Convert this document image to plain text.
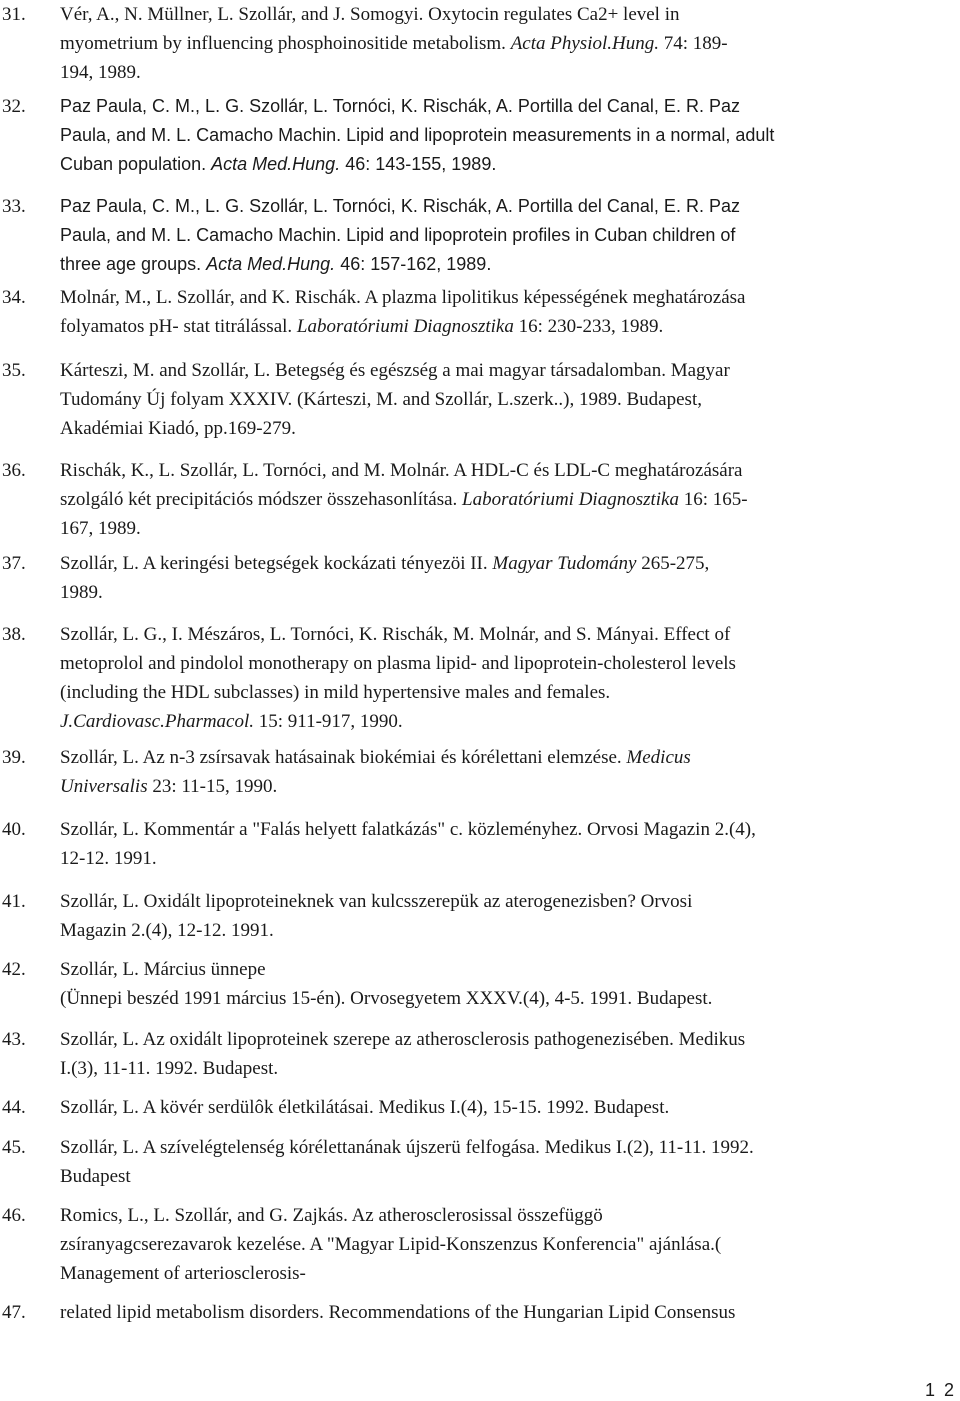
31.	Vér, A., N. Müllner, L. Szollár, and J. Somogyi. Oxytocin regulates Ca2+ level in
myometrium by influencing phosphoinositide metabolism. Acta Physiol.Hung. 74: 189-
194, 1989.
32.	Paz Paula, C. M., L. G. Szollár, L. Tornóci, K. Rischák, A. Portilla del Canal, E. R. Paz
Paula, and M. L. Camacho Machin. Lipid and lipoprotein measurements in a normal, adult
Cuban population. Acta Med.Hung. 46: 143-155, 1989.
33.	Paz Paula, C. M., L. G. Szollár, L. Tornóci, K. Rischák, A. Portilla del Canal, E. R. Paz
Paula, and M. L. Camacho Machin. Lipid and lipoprotein profiles in Cuban children of
three age groups. Acta Med.Hung. 46: 157-162, 1989.
34.	Molnár, M., L. Szollár, and K. Rischák. A plazma lipolitikus képességének meghatározása
folyamatos pH- stat titrálással. Laboratóriumi Diagnosztika 16: 230-233, 1989.
35.	Kárteszi, M. and Szollár, L. Betegség és egészség a mai magyar társadalomban. Magyar
Tudomány Új folyam XXXIV. (Kárteszi, M. and Szollár, L.szerk..), 1989. Budapest,
Akadémiai Kiadó, pp.169-279.
36.	Rischák, K., L. Szollár, L. Tornóci, and M. Molnár. A HDL-C és LDL-C meghatározására
szolgáló két precipitációs módszer összehasonlítása. Laboratóriumi Diagnosztika 16: 165-
167, 1989.
37.	Szollár, L. A keringési betegségek kockázati tényezöi II. Magyar Tudomány 265-275,
1989.
38.	Szollár, L. G., I. Mészáros, L. Tornóci, K. Rischák, M. Molnár, and S. Mányai. Effect of
metoprolol and pindolol monotherapy on plasma lipid- and lipoprotein-cholesterol levels
(including the HDL subclasses) in mild hypertensive males and females.
J.Cardiovasc.Pharmacol. 15: 911-917, 1990.
39.	Szollár, L. Az n-3 zsírsavak hatásainak biokémiai és kórélettani elemzése. Medicus
Universalis 23: 11-15, 1990.
40.	Szollár, L. Kommentár a "Falás helyett falatkázás" c. közleményhez. Orvosi Magazin 2.(4),
12-12. 1991.
41.	Szollár, L. Oxidált lipoproteineknek van kulcsszerepük az aterogenezisben? Orvosi
Magazin 2.(4), 12-12. 1991.
42.	Szollár, L. Március ünnepe
(Ünnepi beszéd 1991 március 15-én). Orvosegyetem XXXV.(4), 4-5. 1991. Budapest.
43.	Szollár, L. Az oxidált lipoproteinek szerepe az atherosclerosis pathogenezisében. Medikus
I.(3), 11-11. 1992. Budapest.
44.	Szollár, L. A kövér serdülôk életkilátásai. Medikus I.(4), 15-15. 1992. Budapest.
45.	Szollár, L. A szívelégtelenség kórélettanának újszerü felfogása. Medikus I.(2), 11-11. 1992.
Budapest
46.	Romics, L., L. Szollár, and G. Zajkás. Az atherosclerosissal összefüggö
zsíranyagcserezavarok kezelése. A "Magyar Lipid-Konszenzus Konferencia" ajánlása.(
Management of arteriosclerosis-
47.	related lipid metabolism disorders. Recommendations of the Hungarian Lipid Consensus
1 2
